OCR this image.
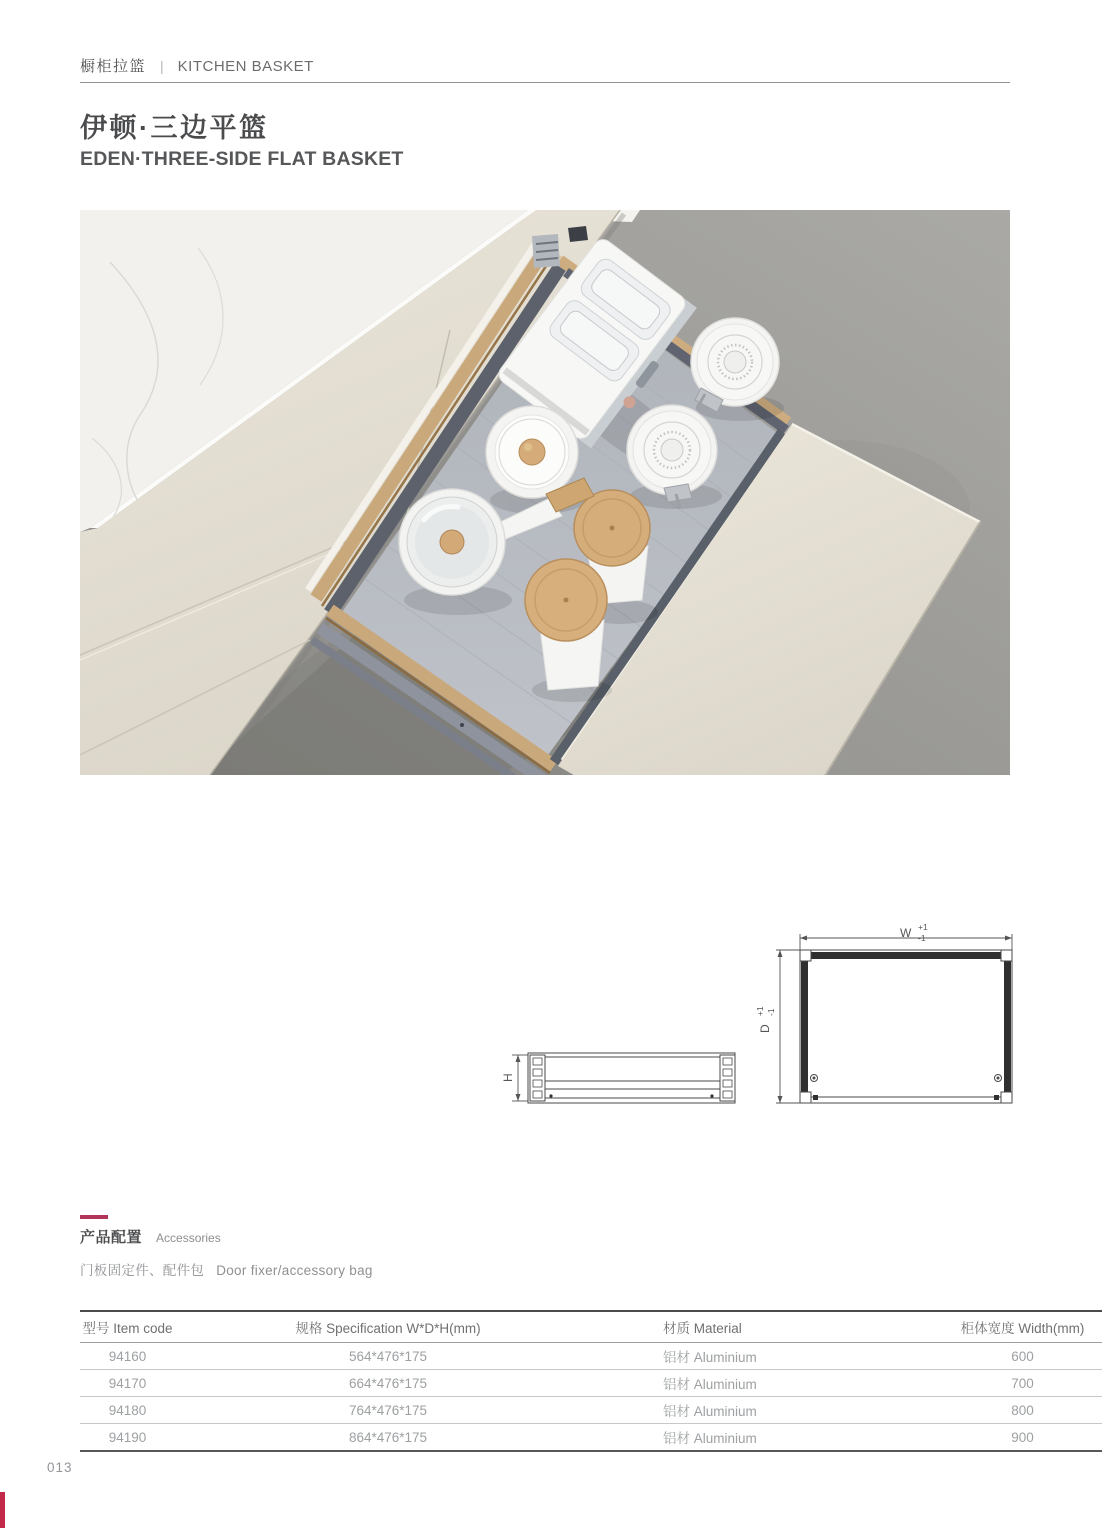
橱柜拉篮 | KITCHEN BASKET
伊顿·三边平篮
EDEN·THREE-SIDE FLAT BASKET
W +1
-1
D
+1 -1
H
产品配置 Accessories
门板固定件、配件包 Door fixer/accessory bag
型号 Item code	规格 Specification W*D*H(mm)	材质 Material	柜体宽度 Width(mm)
94160	564*476*175	铝材 Aluminium	600
94170	664*476*175	铝材 Aluminium	700
94180	764*476*175	铝材 Aluminium	800
94190	864*476*175	铝材 Aluminium	900
013
